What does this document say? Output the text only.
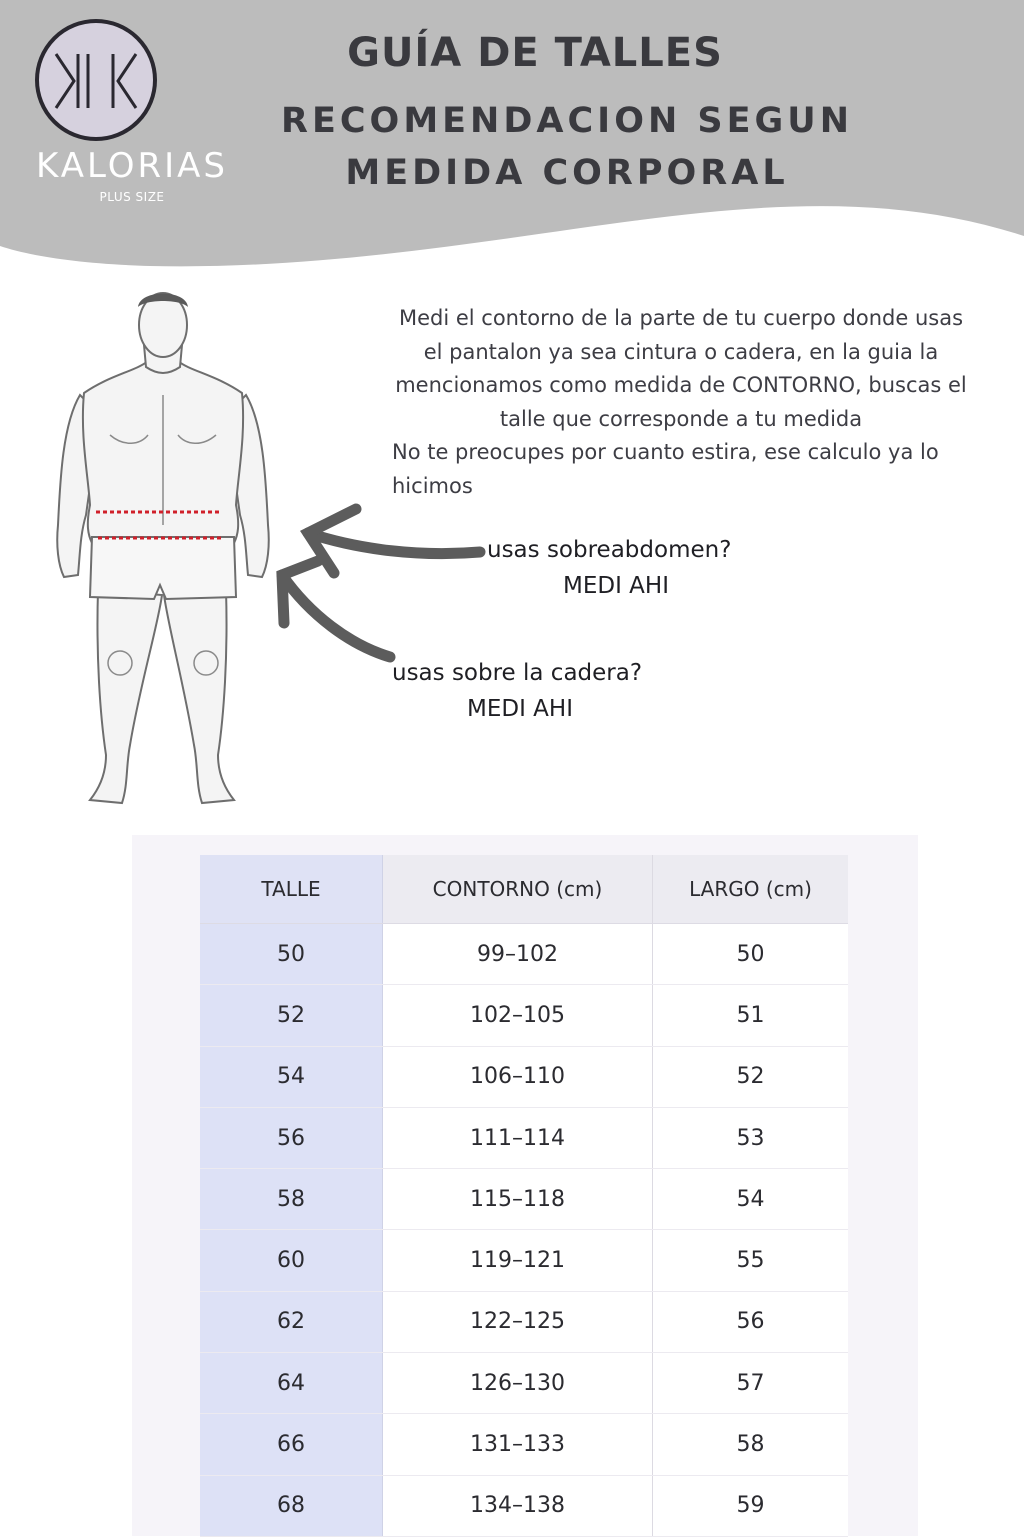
KALORIAS
PLUS SIZE
GUÍA DE TALLES
RECOMENDACION SEGUN MEDIDA CORPORAL
Medi el contorno de la parte de tu cuerpo donde usas el pantalon ya sea cintura o cadera, en la guia la mencionamos como medida de CONTORNO, buscas el talle que corresponde a tu medida
No te preocupes por cuanto estira, ese calculo ya lo hicimos
usas sobreabdomen?
MEDI AHI
usas sobre la cadera?
MEDI AHI
TALLE	CONTORNO (cm)	LARGO (cm)
50	99–102	50
52	102–105	51
54	106–110	52
56	111–114	53
58	115–118	54
60	119–121	55
62	122–125	56
64	126–130	57
66	131–133	58
68	134–138	59
